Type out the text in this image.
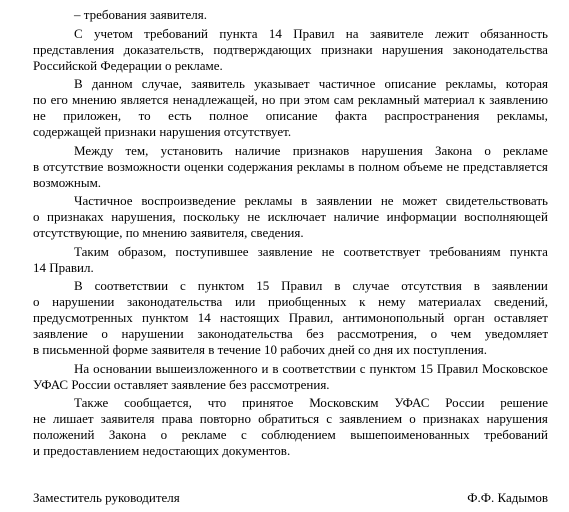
– требования заявителя.
С учетом требований пункта 14 Правил на заявителе лежит обязанность
представления доказательств, подтверждающих признаки нарушения законодательства
Российской Федерации о рекламе.
В данном случае, заявитель указывает частичное описание рекламы, которая
по его мнению является ненадлежащей, но при этом сам рекламный материал к заявлению
не приложен, то есть полное описание факта распространения рекламы,
содержащей признаки нарушения отсутствует.
Между тем, установить наличие признаков нарушения Закона о рекламе
в отсутствие возможности оценки содержания рекламы в полном объеме не представляется
возможным.
Частичное воспроизведение рекламы в заявлении не может свидетельствовать
о признаках нарушения, поскольку не исключает наличие информации восполняющей
отсутствующие, по мнению заявителя, сведения.
Таким образом, поступившее заявление не соответствует требованиям пункта
14 Правил.
В соответствии с пунктом 15 Правил в случае отсутствия в заявлении
о нарушении законодательства или приобщенных к нему материалах сведений,
предусмотренных пунктом 14 настоящих Правил, антимонопольный орган оставляет
заявление о нарушении законодательства без рассмотрения, о чем уведомляет
в письменной форме заявителя в течение 10 рабочих дней со дня их поступления.
На основании вышеизложенного и в соответствии с пунктом 15 Правил Московское
УФАС России оставляет заявление без рассмотрения.
Также сообщается, что принятое Московским УФАС России решение
не лишает заявителя права повторно обратиться с заявлением о признаках нарушения
положений Закона о рекламе с соблюдением вышепоименованных требований
и предоставлением недостающих документов.
Заместитель руководителя	Ф.Ф. Кадымов
